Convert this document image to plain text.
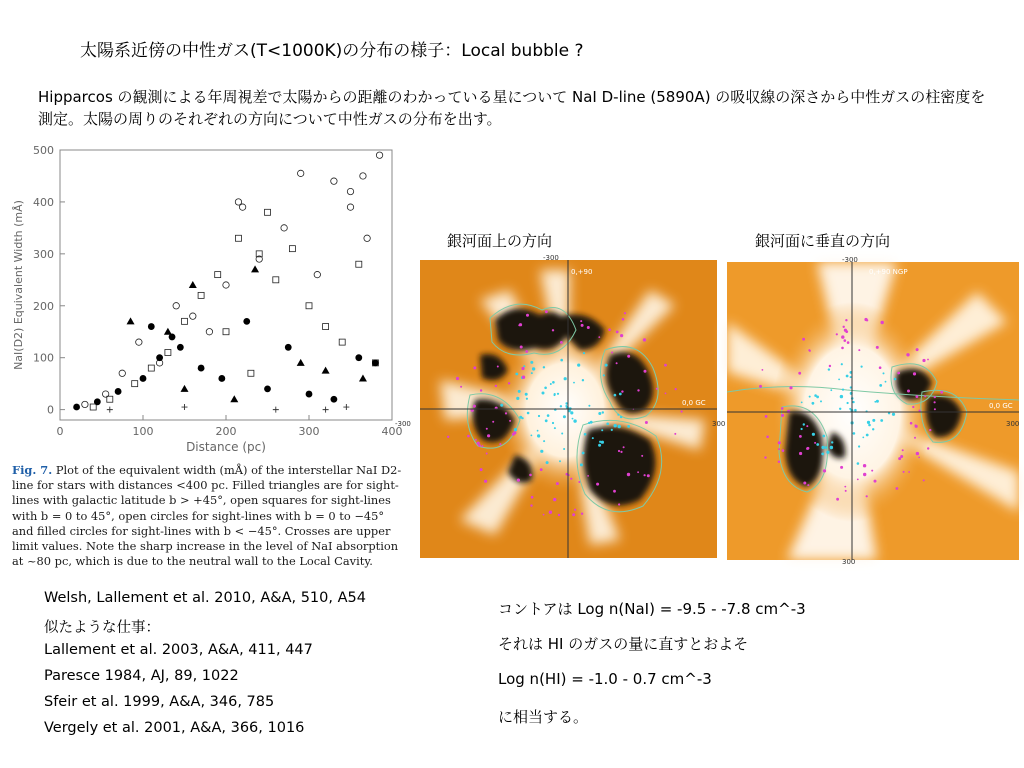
太陽系近傍の中性ガス(T<1000K)の分布の様子：Local bubble ?
Hipparcos の観測による年周視差で太陽からの距離のわかっている星について NaI D-line (5890A) の吸収線の深さから中性ガスの柱密度を測定。太陽の周りのそれぞれの方向について中性ガスの分布を出す。
0	100	200	300	400
0
100
200
300
400
500
Distance (pc)
NaI(D2) Equivalent Width (mÅ)
Fig. 7. Plot of the equivalent width (mÅ) of the interstellar NaI D2-line for stars with distances <400 pc. Filled triangles are for sight-lines with galactic latitude b > +45°, open squares for sight-lines with b = 0 to 45°, open circles for sight-lines with b = 0 to −45° and filled circles for sight-lines with b < −45°. Crosses are upper limit values. Note the sharp increase in the level of NaI absorption at ~80 pc, which is due to the neutral wall to the Local Cavity.
Welsh, Lallement et al. 2010, A&A, 510, A54
似たような仕事：
Lallement et al. 2003, A&A, 411, 447
Paresce 1984, AJ, 89, 1022
Sfeir et al. 1999, A&A, 346, 785
Vergely et al. 2001, A&A, 366, 1016
銀河面上の方向	銀河面に垂直の方向
0,+90
0,0 GC
-300	300
-300
0,+90 NGP
0,0 GC
300
-300
300
コントアは Log n(NaI) = -9.5 - -7.8 cm^-3
それは HI のガスの量に直すとおよそ
Log n(HI) = -1.0 - 0.7 cm^-3
に相当する。
